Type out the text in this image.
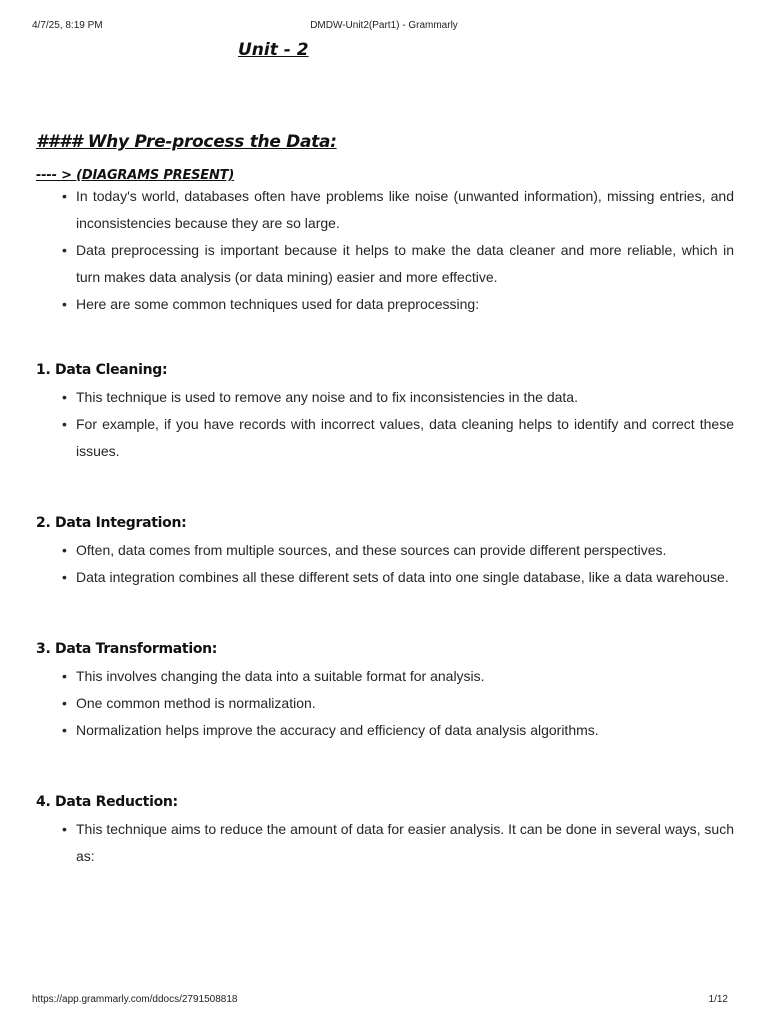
4/7/25, 8:19 PM	DMDW-Unit2(Part1) - Grammarly
Unit - 2
#### Why Pre-process the Data:
---- > (DIAGRAMS PRESENT)
• In today's world, databases often have problems like noise (unwanted information), missing entries, and inconsistencies because they are so large.
• Data preprocessing is important because it helps to make the data cleaner and more reliable, which in turn makes data analysis (or data mining) easier and more effective.
• Here are some common techniques used for data preprocessing:
1. Data Cleaning:
• This technique is used to remove any noise and to fix inconsistencies in the data.
• For example, if you have records with incorrect values, data cleaning helps to identify and correct these issues.
2. Data Integration:
• Often, data comes from multiple sources, and these sources can provide different perspectives.
• Data integration combines all these different sets of data into one single database, like a data warehouse.
3. Data Transformation:
• This involves changing the data into a suitable format for analysis.
• One common method is normalization.
• Normalization helps improve the accuracy and efficiency of data analysis algorithms.
4. Data Reduction:
• This technique aims to reduce the amount of data for easier analysis. It can be done in several ways, such as:
https://app.grammarly.com/ddocs/2791508818	1/12
